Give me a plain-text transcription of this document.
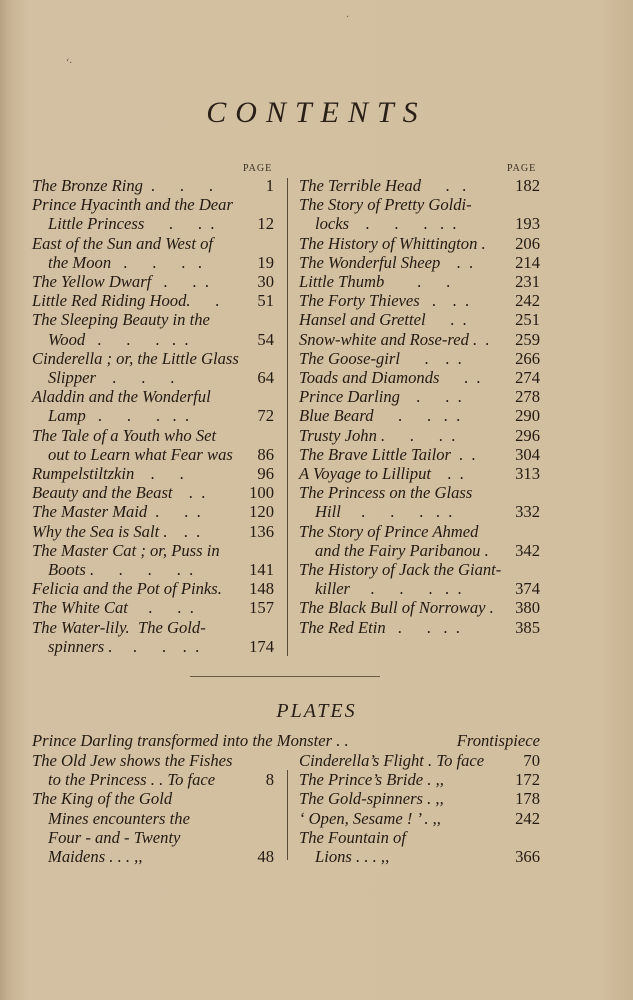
·
‘·
CONTENTS
PAGE	PAGE
The Bronze Ring  .      .      .	1
Prince Hyacinth and the Dear
Little Princess      .      .  .	12
East of the Sun and West of
the Moon   .      .      .   .	19
The Yellow Dwarf   .      .  .	30
Little Red Riding Hood.      .	51
The Sleeping Beauty in the
Wood   .      .      .   .  .	54
Cinderella ; or, the Little Glass
Slipper    .      .      .	64
Aladdin and the Wonderful
Lamp   .      .      .   .  .	72
The Tale of a Youth who Set
out to Learn what Fear was	86
Rumpelstiltzkin    .      .	96
Beauty and the Beast    .  .	100
The Master Maid  .      .  .	120
Why the Sea is Salt .    .  .	136
The Master Cat ; or, Puss in
Boots .      .      .      .  .	141
Felicia and the Pot of Pinks.	148
The White Cat     .      .  .	157
The Water-lily.  The Gold-
spinners .     .      .    .  .	174
The Terrible Head      .   .	182
The Story of Pretty Goldi-
locks    .      .      .   .  .	193
The History of Whittington .	206
The Wonderful Sheep    .  .	214
Little Thumb        .      .	231
The Forty Thieves   .    .  .	242
Hansel and Grettel      .  .	251
Snow-white and Rose-red .  .	259
The Goose-girl      .    .  .	266
Toads and Diamonds      .  .	274
Prince Darling    .      .  .	278
Blue Beard      .      .   .  .	290
Trusty John .      .      .  .	296
The Brave Little Tailor  .  .	304
A Voyage to Lilliput    .  .	313
The Princess on the Glass
Hill     .      .      .   .  .	332
The Story of Prince Ahmed
and the Fairy Paribanou .	342
The History of Jack the Giant-
killer     .      .      .   .  .	374
The Black Bull of Norroway .	380
The Red Etin   .      .   .  .	385
PLATES
Prince Darling transformed into the Monster . .	Frontispiece
The Old Jew shows the Fishes
to the Princess . . To face	8
The King of the Gold
Mines encounters the
Four - and - Twenty
Maidens . . . ,,	48
Cinderella’s Flight . To face	70
The Prince’s Bride . ,,	172
The Gold-spinners . ,,	178
‘ Open, Sesame ! ’ . ,,	242
The Fountain of
Lions . . . ,,	366
